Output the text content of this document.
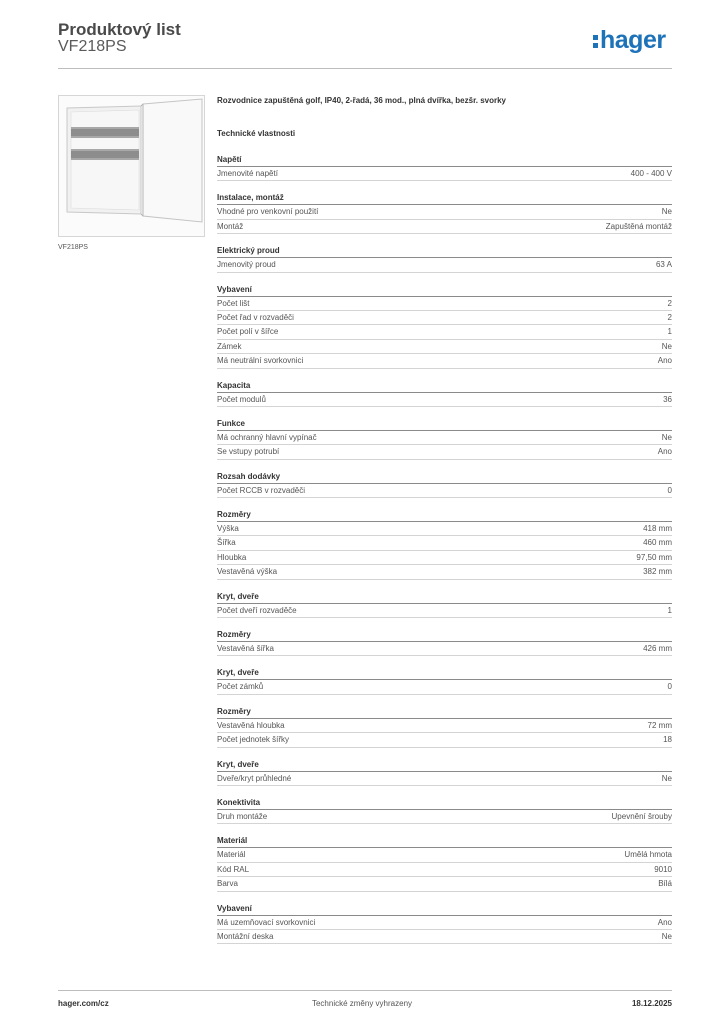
Produktový list
VF218PS	hager
VF218PS
Rozvodnice zapuštěná golf, IP40, 2-řadá, 36 mod., plná dvířka, bezšr. svorky
Technické vlastnosti
Napětí
Jmenovité napětí	400 - 400 V
Instalace, montáž
Vhodné pro venkovní použití	Ne
Montáž	Zapuštěná montáž
Elektrický proud
Jmenovitý proud	63 A
Vybavení
Počet lišt	2
Počet řad v rozvaděči	2
Počet polí v šířce	1
Zámek	Ne
Má neutrální svorkovnici	Ano
Kapacita
Počet modulů	36
Funkce
Má ochranný hlavní vypínač	Ne
Se vstupy potrubí	Ano
Rozsah dodávky
Počet RCCB v rozvaděči	0
Rozměry
Výška	418 mm
Šířka	460 mm
Hloubka	97,50 mm
Vestavěná výška	382 mm
Kryt, dveře
Počet dveří rozvaděče	1
Rozměry
Vestavěná šířka	426 mm
Kryt, dveře
Počet zámků	0
Rozměry
Vestavěná hloubka	72 mm
Počet jednotek šířky	18
Kryt, dveře
Dveře/kryt průhledné	Ne
Konektivita
Druh montáže	Upevnění šrouby
Materiál
Materiál	Umělá hmota
Kód RAL	9010
Barva	Bílá
Vybavení
Má uzemňovací svorkovnici	Ano
Montážní deska	Ne
Technické změny vyhrazeny
hager.com/cz	18.12.2025
